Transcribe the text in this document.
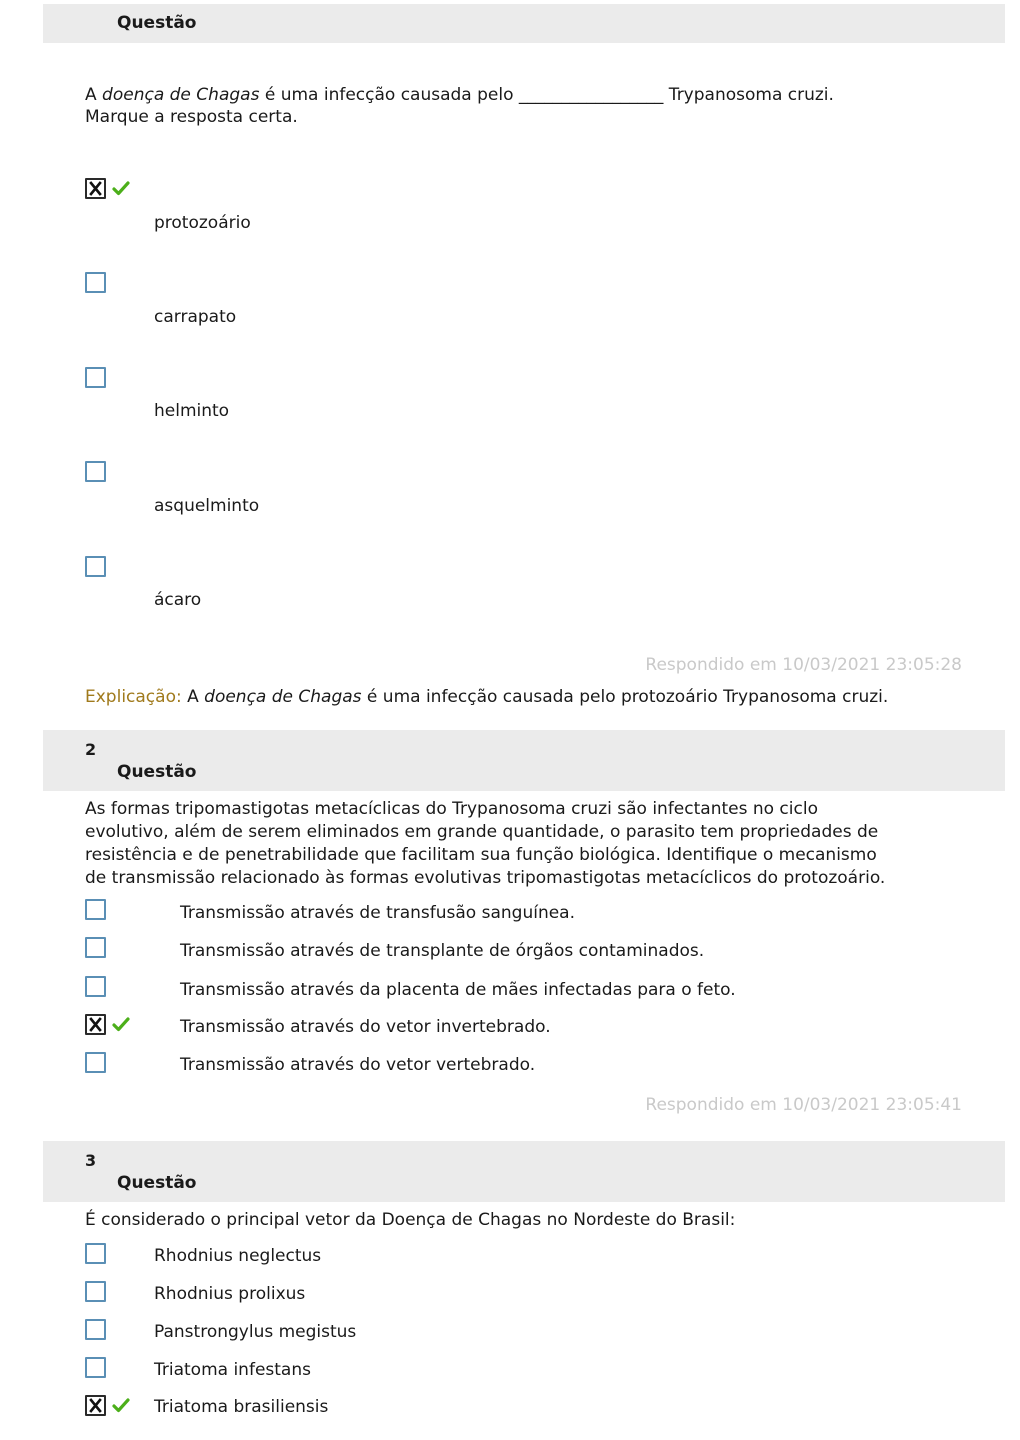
Questão
A doença de Chagas é uma infecção causada pelo _________________ Trypanosoma cruzi.
Marque a resposta certa.
protozoário
carrapato
helminto
asquelminto
ácaro
Respondido em 10/03/2021 23:05:28
Explicação: A doença de Chagas é uma infecção causada pelo protozoário Trypanosoma cruzi.
2
Questão
As formas tripomastigotas metacíclicas do Trypanosoma cruzi são infectantes no ciclo
evolutivo, além de serem eliminados em grande quantidade, o parasito tem propriedades de
resistência e de penetrabilidade que facilitam sua função biológica. Identifique o mecanismo
de transmissão relacionado às formas evolutivas tripomastigotas metacíclicos do protozoário.
Transmissão através de transfusão sanguínea.
Transmissão através de transplante de órgãos contaminados.
Transmissão através da placenta de mães infectadas para o feto.
Transmissão através do vetor invertebrado.
Transmissão através do vetor vertebrado.
Respondido em 10/03/2021 23:05:41
3
Questão
É considerado o principal vetor da Doença de Chagas no Nordeste do Brasil:
Rhodnius neglectus
Rhodnius prolixus
Panstrongylus megistus
Triatoma infestans
Triatoma brasiliensis
